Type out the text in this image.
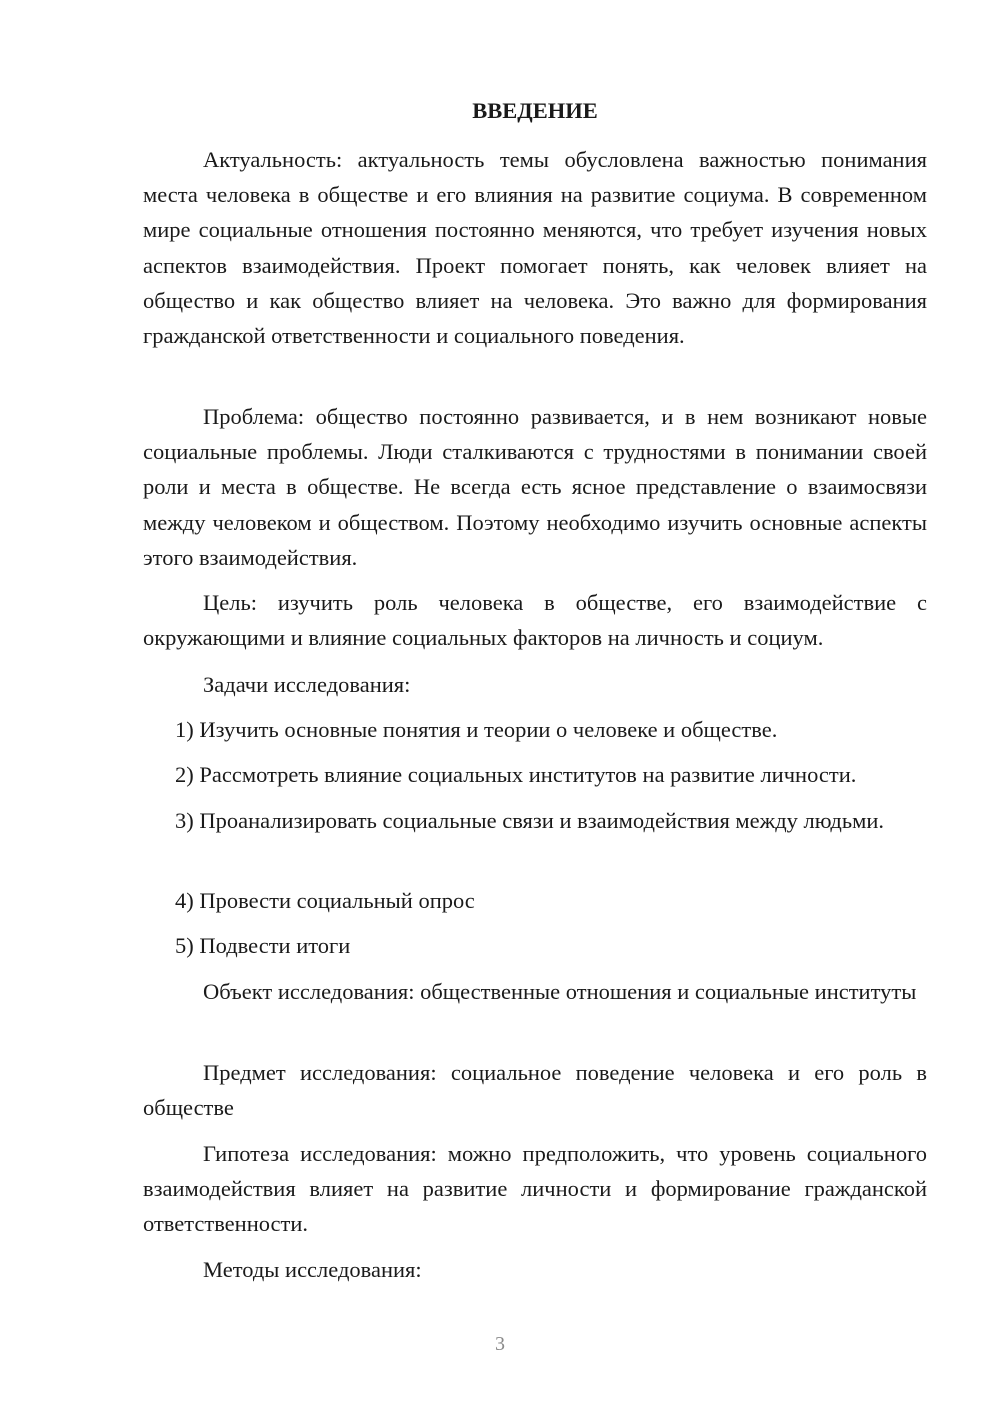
ВВЕДЕНИЕ

Актуальность: актуальность темы обусловлена важностью понимания места человека в обществе и его влияния на развитие социума. В современном мире социальные отношения постоянно меняются, что требует изучения новых аспектов взаимодействия. Проект помогает понять, как человек влияет на общество и как общество влияет на человека. Это важно для формирования гражданской ответственности и социального поведения.

Проблема: общество постоянно развивается, и в нем возникают новые социальные проблемы. Люди сталкиваются с трудностями в понимании своей роли и места в обществе. Не всегда есть ясное представление о взаимосвязи между человеком и обществом. Поэтому необходимо изучить основные аспекты этого взаимодействия.

Цель: изучить роль человека в обществе, его взаимодействие с окружающими и влияние социальных факторов на личность и социум.

Задачи исследования:

1) Изучить основные понятия и теории о человеке и обществе.

2) Рассмотреть влияние социальных институтов на развитие личности.

3) Проанализировать социальные связи и взаимодействия между людьми.

4) Провести социальный опрос

5) Подвести итоги

Объект исследования: общественные отношения и социальные институты

Предмет исследования: социальное поведение человека и его роль в обществе

Гипотеза исследования: можно предположить, что уровень социального взаимодействия влияет на развитие личности и формирование гражданской ответственности.

Методы исследования:

3
